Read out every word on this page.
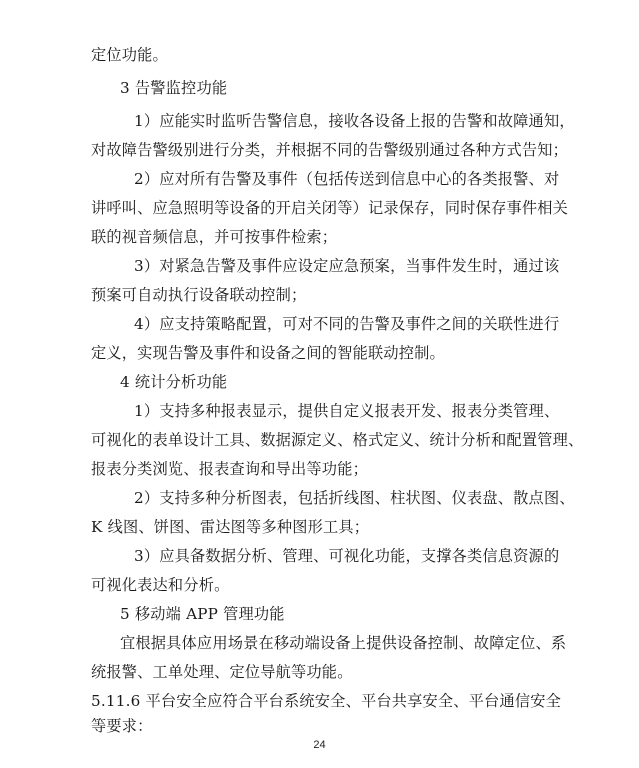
定位功能。
3 告警监控功能
1）应能实时监听告警信息，接收各设备上报的告警和故障通知，
对故障告警级别进行分类，并根据不同的告警级别通过各种方式告知；
2）应对所有告警及事件（包括传送到信息中心的各类报警、对
讲呼叫、应急照明等设备的开启关闭等）记录保存，同时保存事件相关
联的视音频信息，并可按事件检索；
3）对紧急告警及事件应设定应急预案，当事件发生时，通过该
预案可自动执行设备联动控制；
4）应支持策略配置，可对不同的告警及事件之间的关联性进行
定义，实现告警及事件和设备之间的智能联动控制。
4 统计分析功能
1）支持多种报表显示，提供自定义报表开发、报表分类管理、
可视化的表单设计工具、数据源定义、格式定义、统计分析和配置管理、
报表分类浏览、报表查询和导出等功能；
2）支持多种分析图表，包括折线图、柱状图、仪表盘、散点图、
K 线图、饼图、雷达图等多种图形工具；
3）应具备数据分析、管理、可视化功能，支撑各类信息资源的
可视化表达和分析。
5 移动端 APP 管理功能
宜根据具体应用场景在移动端设备上提供设备控制、故障定位、系
统报警、工单处理、定位导航等功能。
5.11.6 平台安全应符合平台系统安全、平台共享安全、平台通信安全
等要求：
24
